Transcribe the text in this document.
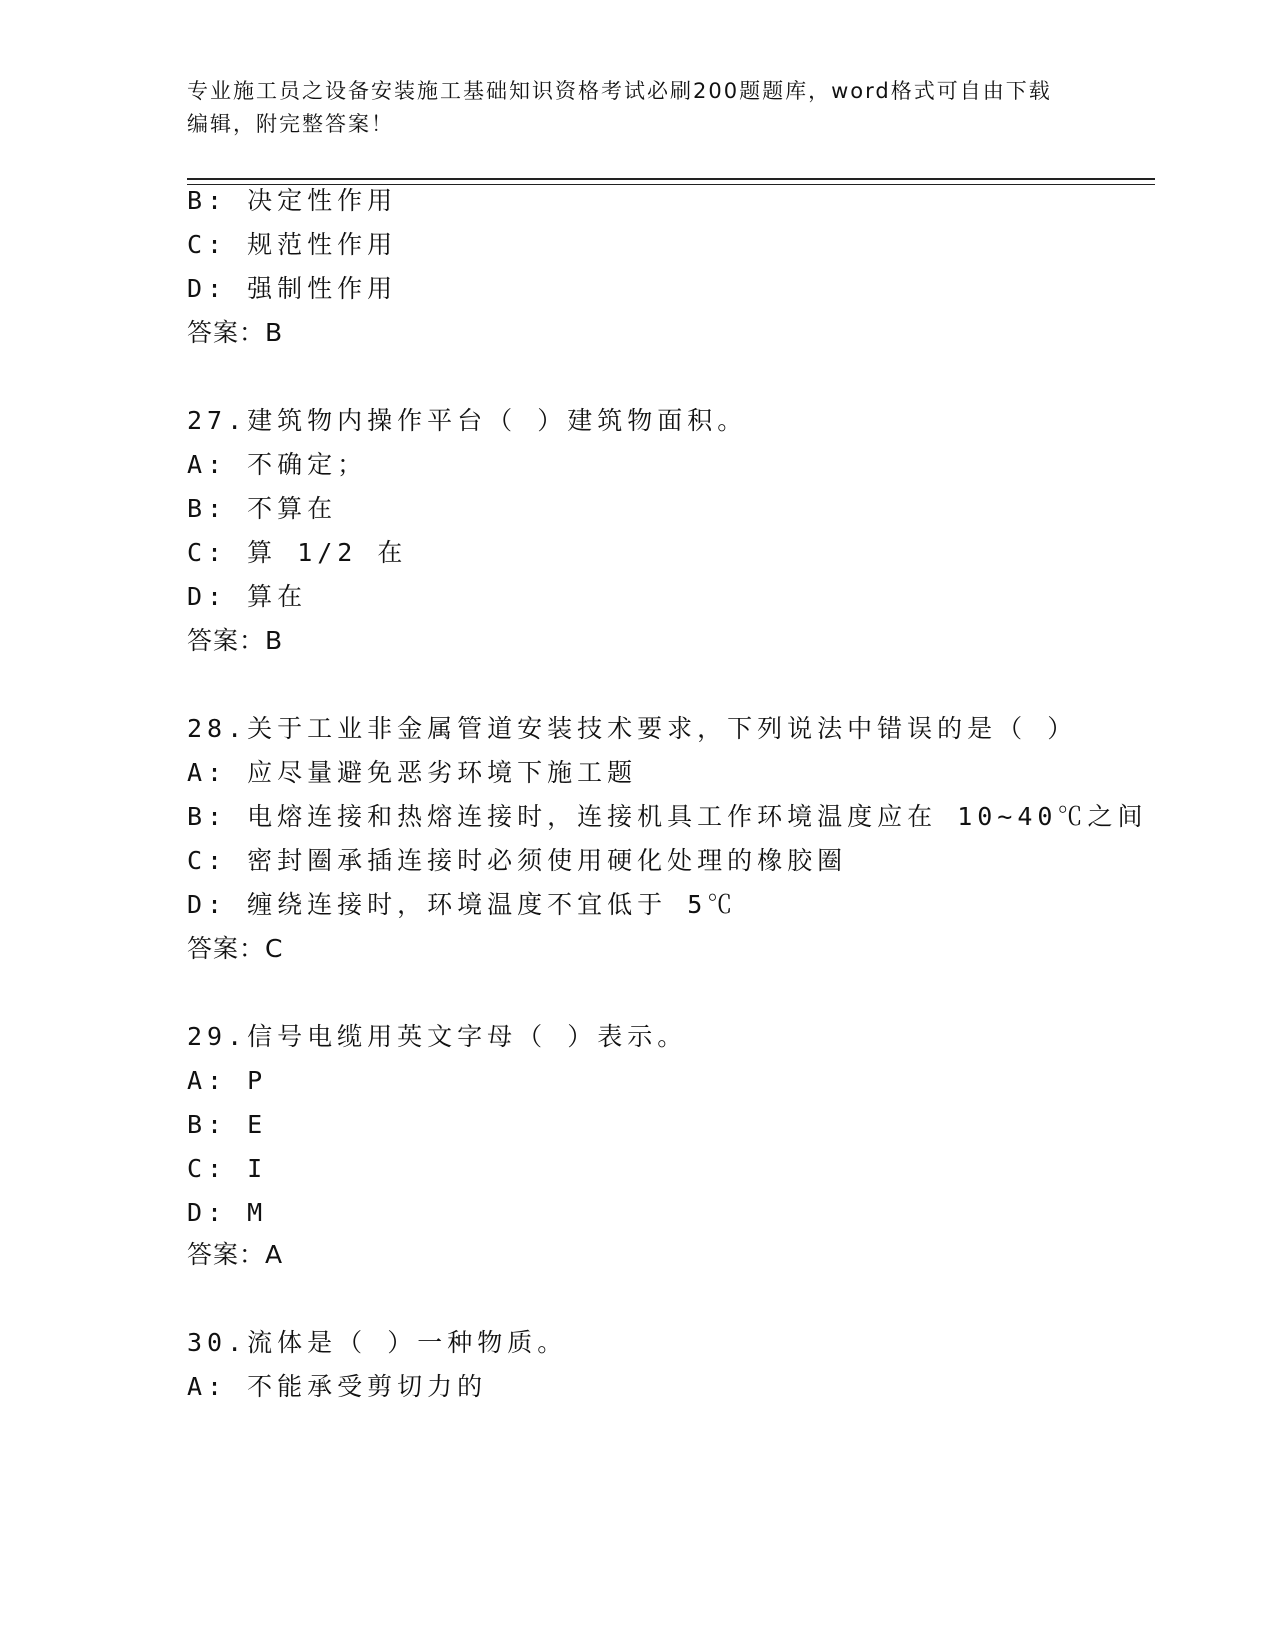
专业施工员之设备安装施工基础知识资格考试必刷200题题库，word格式可自由下载编辑，附完整答案！
B: 决定性作用
C: 规范性作用
D: 强制性作用
答案：B
27.建筑物内操作平台（ ）建筑物面积。
A: 不确定；
B: 不算在
C: 算 1/2 在
D: 算在
答案：B
28.关于工业非金属管道安装技术要求，下列说法中错误的是（ ）
A: 应尽量避免恶劣环境下施工题
B: 电熔连接和热熔连接时，连接机具工作环境温度应在 10~40℃之间
C: 密封圈承插连接时必须使用硬化处理的橡胶圈
D: 缠绕连接时，环境温度不宜低于 5℃
答案：C
29.信号电缆用英文字母（ ）表示。
A: P
B: E
C: I
D: M
答案：A
30.流体是（ ）一种物质。
A: 不能承受剪切力的
